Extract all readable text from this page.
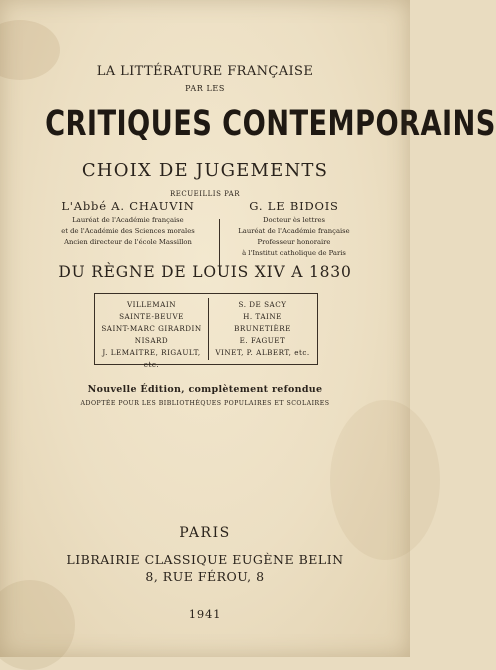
LA LITTÉRATURE FRANÇAISE
PAR LES
CRITIQUES CONTEMPORAINS
CHOIX DE JUGEMENTS
RECUEILLIS PAR
L'Abbé A. CHAUVIN
Lauréat de l'Académie française
et de l'Académie des Sciences morales
Ancien directeur de l'école Massillon
G. LE BIDOIS
Docteur ès lettres
Lauréat de l'Académie française
Professeur honoraire
à l'Institut catholique de Paris
DU RÈGNE DE LOUIS XIV A 1830
VILLEMAIN
SAINTE-BEUVE
SAINT-MARC GIRARDIN
NISARD
J. LEMAITRE, RIGAULT, etc.
S. DE SACY
H. TAINE
BRUNETIÈRE
E. FAGUET
VINET, P. ALBERT, etc.
Nouvelle Édition, complètement refondue
ADOPTÉE POUR LES BIBLIOTHÈQUES POPULAIRES ET SCOLAIRES
PARIS
LIBRAIRIE CLASSIQUE EUGÈNE BELIN
8, RUE FÉROU, 8
1941
